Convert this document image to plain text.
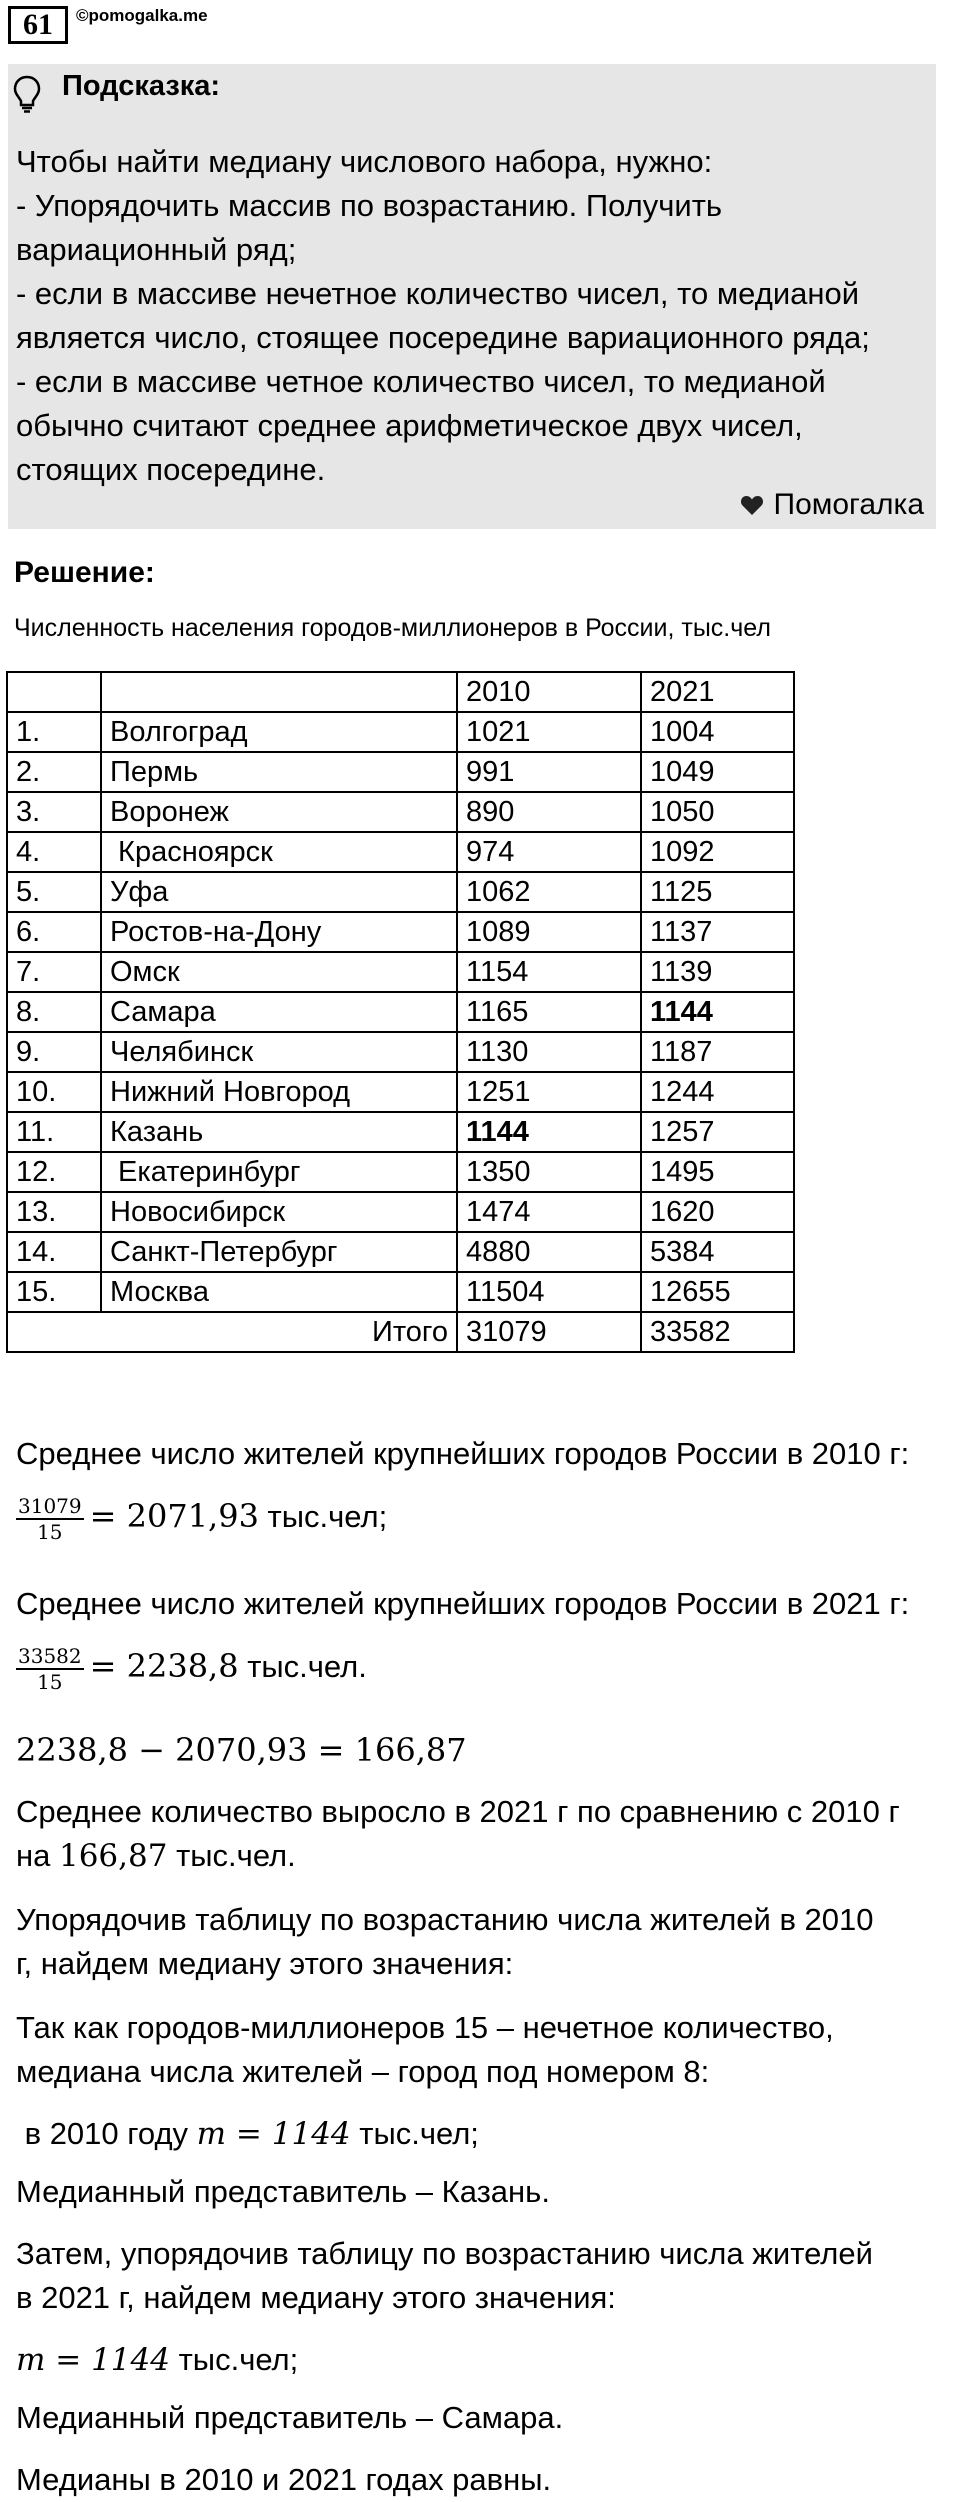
61	©pomogalka.me
Подсказка:
Чтобы найти медиану числового набора, нужно:
- Упорядочить массив по возрастанию. Получить
вариационный ряд;
- если в массиве нечетное количество чисел, то медианой
является число, стоящее посередине вариационного ряда;
- если в массиве четное количество чисел, то медианой
обычно считают среднее арифметическое двух чисел,
стоящих посередине.
Помогалка
Решение:
Численность населения городов-миллионеров в России, тыс.чел
		2010	2021
1.	Волгоград	1021	1004
2.	Пермь	991	1049
3.	Воронеж	890	1050
4.	Красноярск	974	1092
5.	Уфа	1062	1125
6.	Ростов-на-Дону	1089	1137
7.	Омск	1154	1139
8.	Самара	1165	1144
9.	Челябинск	1130	1187
10.	Нижний Новгород	1251	1244
11.	Казань	1144	1257
12.	Екатеринбург	1350	1495
13.	Новосибирск	1474	1620
14.	Санкт-Петербург	4880	5384
15.	Москва	11504	12655
Итого		31079	33582
Среднее число жителей крупнейших городов России в 2010 г:
$\frac{31079}{15} = 2071,93$ тыс.чел;
Среднее число жителей крупнейших городов России в 2021 г:
$\frac{33582}{15} = 2238,8$ тыс.чел.
2238,8 − 2070,93 = 166,87
Среднее количество выросло в 2021 г по сравнению с 2010 г
на 166,87 тыс.чел.
Упорядочив таблицу по возрастанию числа жителей в 2010
г, найдем медиану этого значения:
Так как городов-миллионеров 15 – нечетное количество,
медиана числа жителей – город под номером 8:
в 2010 году m = 1144 тыс.чел;
Медианный представитель – Казань.
Затем, упорядочив таблицу по возрастанию числа жителей
в 2021 г, найдем медиану этого значения:
m = 1144 тыс.чел;
Медианный представитель – Самара.
Медианы в 2010 и 2021 годах равны.
